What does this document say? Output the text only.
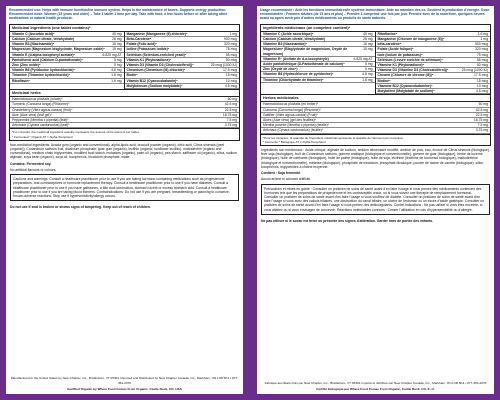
Recommended use: Helps with immune function/the immune system. Helps in the maintenance of bones. Supports energy production. Recommended dose: Women (15 years and older) – Take 1 tablet 1 time per day. Take with food, a few hours before or after taking other medications or natural health products.

Medicinal Ingredients (one tablet contains)*
Vitamin C (Ascorbic acid)⁶	45 mg
Calcium (Calcium citrate, tetrahydrate)	26 mg
Vitamin B3 (Niacinamide)⁶	16 mg
Magnesium (Magnesium bisglycinate, Magnesium oxide)⁶	15 mg
Vitamin E (d-alpha tocopheryl acetate)⁶	6.825 mg AT
Pantothenic acid (Calcium D-pantothenate)⁶	5 mg
Zinc (Zinc oxide)⁶	5 mg
Vitamin B6 (Pyridoxine hydrochloride)⁶	4.8 mg
Thiamine (Thiamine hydrochloride)⁶	1.6 mg
Riboflavin⁶	1.6 mg
Manganese (Manganese (II) chloride)⁶	1 mg
Beta-Carotene⁶	900 mcg
Folate (Folic acid)⁶	320 mcg
Iodine (Potassium iodide)⁶	75 mcg
Selenium (Selenium-enriched yeast)⁶	55 mcg
Vitamin K1 (Phytonadione)⁶	50 mcg
Vitamin D3 (Vitamin D3 (Cholecalciferol))⁶	25 mcg (1000 IU)
Chromium (Chromium (III) chloride)⁶	17.5 mcg
Biotin⁶	15 mcg
Vitamin B12 (Cyanocobalamin)⁶	10 mcg
Molybdenum (Sodium molybdate)⁶	4.5 mcg
Medicinal herbs
Haematococcus pluvialis (whole)⁶	60 mg
Turmeric (Curcuma longa) (Rhizome)⁶	42.5 mg
Chasteberry (Vitex agnus-castus) (fruit)⁶	22.5 mg
Aloe (Aloe vera) (leaf gel)⁶	18.75 mg
Peppermint (Mentha x piperita) (leaf)⁶	7.5 mg
Artichoke (Cynara cardunculus) (leaf)⁶	3.75 mg
*For minerals, the medicinal ingredient quantity represents the amount of the element per tablet.
⁶ Fermented ⁶ Organic AT = Alpha-Tocopherol

Non-medicinal ingredients: Acacia gum (organic and conventional), alpha-lipoic acid, broccoli powder (organic), citric acid, Citrus sinensis (peel (organic)), Coriandrum sativum fruit, dicalcium phosphate, guar gum (organic), lecithin (organic, sunflower lecithin), maltodextrin (organic and conventional), medium chain triglycerides, modified food starch, molasses (organic), palm oil (organic), pea starch, safflower oil (organic), silica, sodium alginate, soya bean (organic), soya oil, tocopherols, tricalcium phosphate, water.

Contains: Fermented soy.

No artificial flavours or colours.

Cautions and warnings: Consult a healthcare practitioner prior to use if you are taking hormone-containing medications such as progesterone preparations, oral contraceptives or hormone replacement therapy. Consult a healthcare practitioner prior to use if you have diabetes. Consult a healthcare practitioner prior to use if you have gallstones, a bile duct obstruction, stomach ulcers or excess stomach acid. Consult a healthcare practitioner prior to use if you are taking blood thinners. Contraindications: Do not use if you are pregnant, breastfeeding or planning to conceive. Known adverse reactions: Stop use if hypersensitivity/allergy occurs.

Do not use if seal is broken or shows signs of tampering. Keep out of reach of children.

Manufactured in the United States by New Chapter, Inc., Brattleboro, VT 05301 Imported and Distributed by New Chapter Canada, Inc., Markham, ON L3R 5K4 • 877-354-2076
Certified Organic by Where Food Comes From Organic, Castle Rock, CO, USA

Usage recommandé : Aide les fonctions immunitaires/le système immunitaire. Aide au maintien des os. Soutient la production d'énergie. Dose recommandée : Femmes adultes (de 15 ans et plus) – Prendre 1 comprimé une fois par jour. Prendre avec de la nourriture, quelques heures avant ou après avoir pris d'autres médicaments ou produits de santé naturels.

Ingrédients médicinaux (un comprimé contient)*
Vitamine C (Acide ascorbique)⁶	45 mg
Calcium (Calcium citrate, tétrahydraté)	26 mg
Vitamine B3 (Niacinamide)⁶	16 mg
Magnésium⁶ (Bisglycinate de magnésium, Oxyde de magnésium)
15 mg
Vitamine E⁶ (Acétate de d-α-tocophéryle)	6.825 mg AT
Acide pantothénique (D-Pantothénate de calcium)⁶	5 mg
Zinc (Oxyde de zinc⁶)	5 mg
Vitamine B6 (Hydrochlorure de pyridoxine)⁶	4.8 mg
Thiamine (Chlorhydrate de thiamine)⁶	1.6 mg
Riboflavine⁶	1.6 mg
Manganèse (Chlorure de manganèse (II))⁶	1 mg
bêta-carotène⁶	900 mcg
Folate (Acide folique)⁶	320 mcg
Iode (Iodure de potassium)⁶	75 mcg
Sélénium (Levure enrichie de sélénium)⁶	55 mcg
Vitamine K1 (Phytonadione)⁶	50 mcg
Vitamine D3 (Vitamine D3 (Cholécalciférol))⁶	25 mcg (1000 IU)
Chrome (Chlorure de chrome (III))⁶	17.5 mcg
Biotine⁶	15 mcg
Vitamine B12 (Cyanocobalamine)⁶	10 mcg
Molybdène (Molybdate de sodium)⁶	4.5 mcg
Herbes médicinales
Haematococcus pluvialis (en entier)⁶	60 mg
Curcuma (Curcuma longa) (Rhizome)⁶	42.5 mg
Gattilier (Vitex agnus-castus) (Fruit)⁶	22.5 mg
Aloès (Aloe vera) (gel des feuilles)⁶	18.75 mg
Menthe poivrée (Mentha x piperita) (feuille)⁶	7.5 mg
Artichaut (Cynara cardunculus) (feuille)⁶	3.75 mg
*Pour les minéraux, la quantité de l'ingrédient médicinal représente la quantité de l'élément par comprimé.
⁶ Fermenté ⁶ Biologique AT = Alpha-Tocophérol

Ingrédients non médicinaux : Acide citrique, alginate de sodium, amidon alimentaire modifié, amidon de pois, eau, écorce de Citrus sinensis (biologique), fève soja (biologique), fruit de Coriandrum sativum, gomme arabique (biologique et conventionnelle), gomme de guar (biologique), herbe de luzerne (biologique), huile de carthame (biologique), huile de palme (biologique), huile de soja, lécithine (lécithine de tournesol biologique), maltodextrine (biologique et conventionnelle), mélasse (biologique), phosphate de tricalcium, phosphate dicalcique, poudre de racine de carotte (biologique), silice, tocophérols, triglycérides à chaîne moyenne.

Contient : Soja fermenté.

Aucun arôme ni colorant artificiel.

Précautions et mises en garde : Consulter un praticien de soins de santé avant d'en faire l'usage si vous prenez des médicaments contenant des hormones tels que les préparations de progestérone et les contraceptifs oraux, ou si vous suivez une thérapie de remplacement hormonal. Consulter un praticien de soins de santé avant d'en faire l'usage si vous souffrez de diabète. Consulter un praticien de soins de santé avant d'en faire l'usage si vous avez des calculs biliaires, une obstruction du canal biliaire, un ulcère de l'estomac ou un excès d'acide gastrique. Consulter un praticien de soins de santé avant d'en faire l'usage si vous prenez des anticoagulants. Contre-indications : Ne pas utiliser si vous êtes enceinte, si vous allaitez ou si vous envisagez de concevoir. Réactions indésirables connues : Cesser l'utilisation en cas d'hypersensibilité ou d'allergie.

Ne pas utiliser si le sceau est brisé ou présente des signes d'altération. Garder hors de portée des enfants.

Fabriqué aux États-Unis par New Chapter, Inc., Brattleboro, VT 05301 Importé et distribué par New Chapter Canada, Inc., Markham, ON L3R 5K4 • 877-354-2076
Certifié biologique par Where Food Comes From Organic, Castle Rock, CO, É.-U.
